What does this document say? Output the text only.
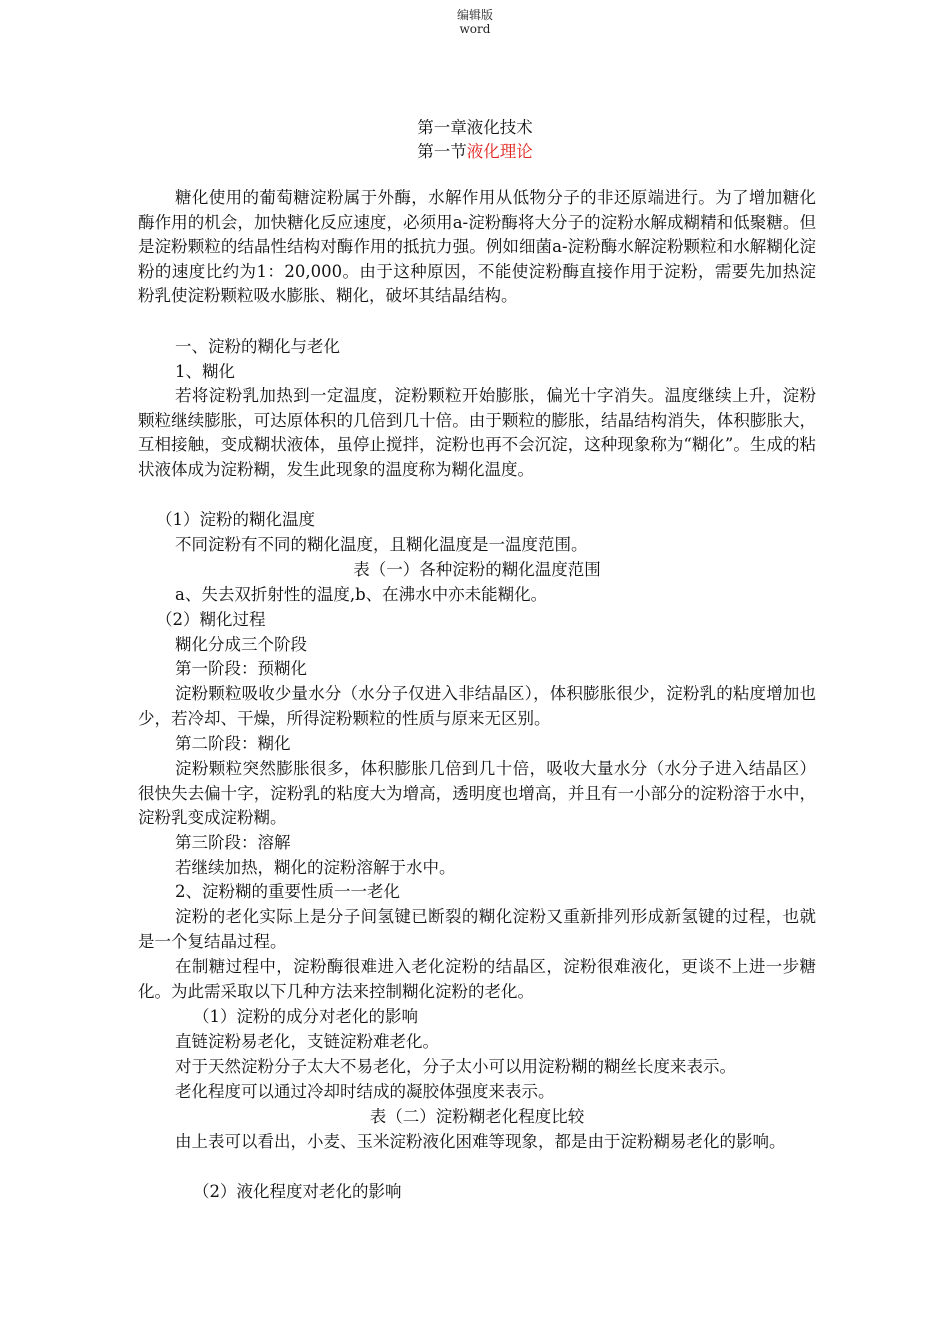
编辑版
word
第一章液化技术
第一节液化理论
糖化使用的葡萄糖淀粉属于外酶，水解作用从低物分子的非还原端进行。为了增加糖化酶作用的机会，加快糖化反应速度，必须用a-淀粉酶将大分子的淀粉水解成糊精和低聚糖。但是淀粉颗粒的结晶性结构对酶作用的抵抗力强。例如细菌a-淀粉酶水解淀粉颗粒和水解糊化淀粉的速度比约为1：20,000。由于这种原因，不能使淀粉酶直接作用于淀粉，需要先加热淀粉乳使淀粉颗粒吸水膨胀、糊化，破坏其结晶结构。
一、淀粉的糊化与老化
1、糊化
若将淀粉乳加热到一定温度，淀粉颗粒开始膨胀，偏光十字消失。温度继续上升，淀粉颗粒继续膨胀，可达原体积的几倍到几十倍。由于颗粒的膨胀，结晶结构消失，体积膨胀大，互相接触，变成糊状液体，虽停止搅拌，淀粉也再不会沉淀，这种现象称为“糊化”。生成的粘状液体成为淀粉糊，发生此现象的温度称为糊化温度。
（1）淀粉的糊化温度
不同淀粉有不同的糊化温度，且糊化温度是一温度范围。
表（一）各种淀粉的糊化温度范围
a、失去双折射性的温度,b、在沸水中亦未能糊化。
（2）糊化过程
糊化分成三个阶段
第一阶段：预糊化
淀粉颗粒吸收少量水分（水分子仅进入非结晶区），体积膨胀很少，淀粉乳的粘度增加也少，若冷却、干燥，所得淀粉颗粒的性质与原来无区别。
第二阶段：糊化
淀粉颗粒突然膨胀很多，体积膨胀几倍到几十倍，吸收大量水分（水分子进入结晶区）很快失去偏十字，淀粉乳的粘度大为增高，透明度也增高，并且有一小部分的淀粉溶于水中，淀粉乳变成淀粉糊。
第三阶段：溶解
若继续加热，糊化的淀粉溶解于水中。
2、淀粉糊的重要性质一一老化
淀粉的老化实际上是分子间氢键已断裂的糊化淀粉又重新排列形成新氢键的过程，也就是一个复结晶过程。
在制糖过程中，淀粉酶很难进入老化淀粉的结晶区，淀粉很难液化，更谈不上进一步糖化。为此需采取以下几种方法来控制糊化淀粉的老化。
（1）淀粉的成分对老化的影响
直链淀粉易老化，支链淀粉难老化。
对于天然淀粉分子太大不易老化，分子太小可以用淀粉糊的糊丝长度来表示。
老化程度可以通过冷却时结成的凝胶体强度来表示。
表（二）淀粉糊老化程度比较
由上表可以看出，小麦、玉米淀粉液化困难等现象，都是由于淀粉糊易老化的影响。
（2）液化程度对老化的影响
